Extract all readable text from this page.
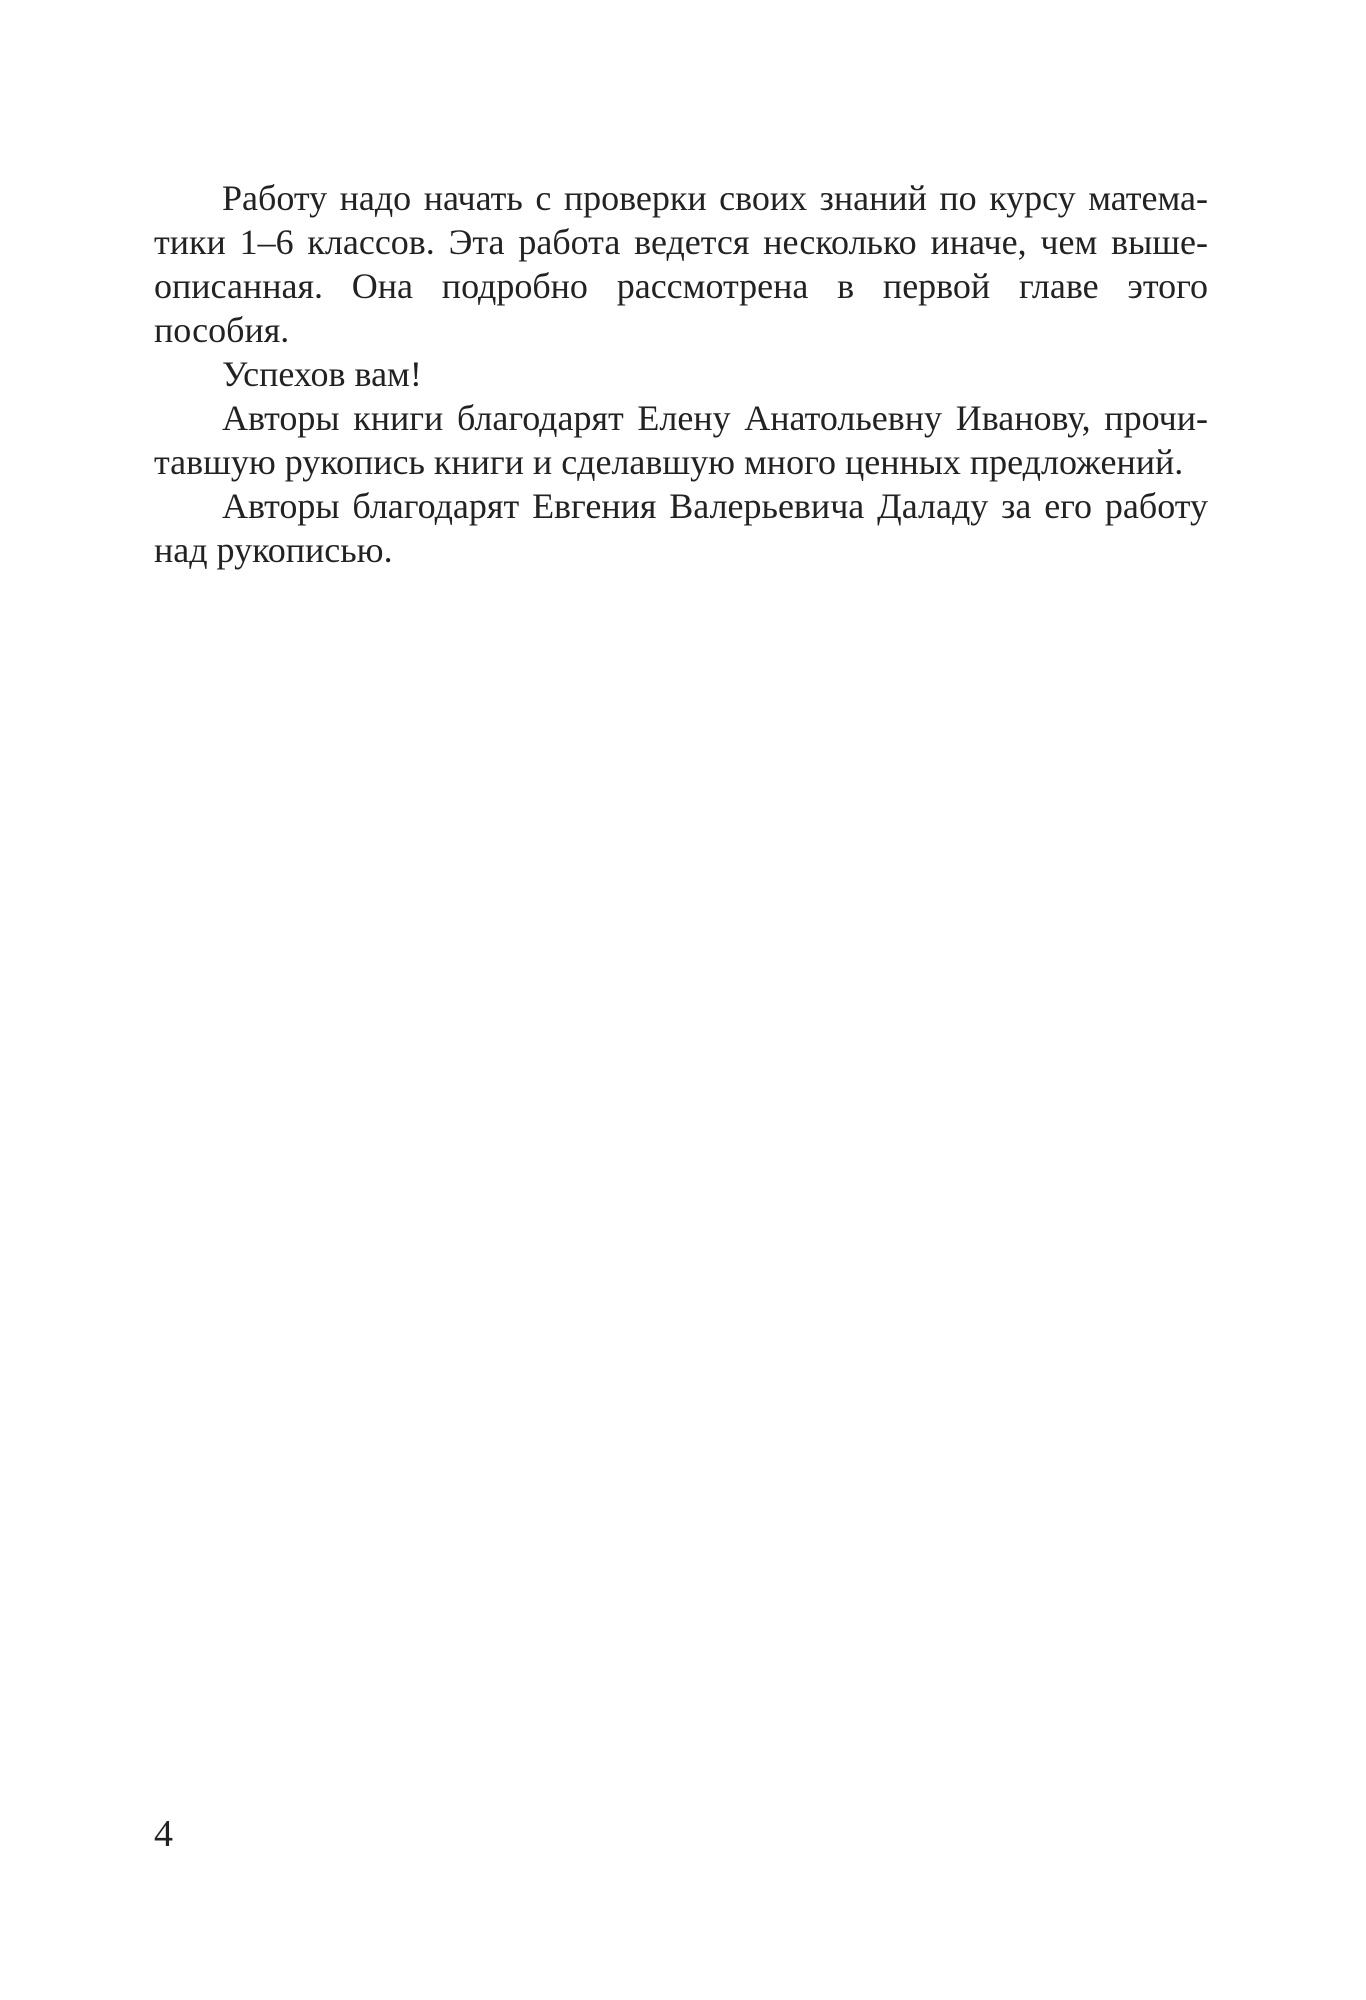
Работу надо начать с проверки своих знаний по курсу матема-
тики 1–6 классов. Эта работа ведется несколько иначе, чем выше-
описанная. Она подробно рассмотрена в первой главе этого
пособия.
Успехов вам!
Авторы книги благодарят Елену Анатольевну Иванову, прочи-
тавшую рукопись книги и сделавшую много ценных предложений.
Авторы благодарят Евгения Валерьевича Даладу за его работу
над рукописью.
4
